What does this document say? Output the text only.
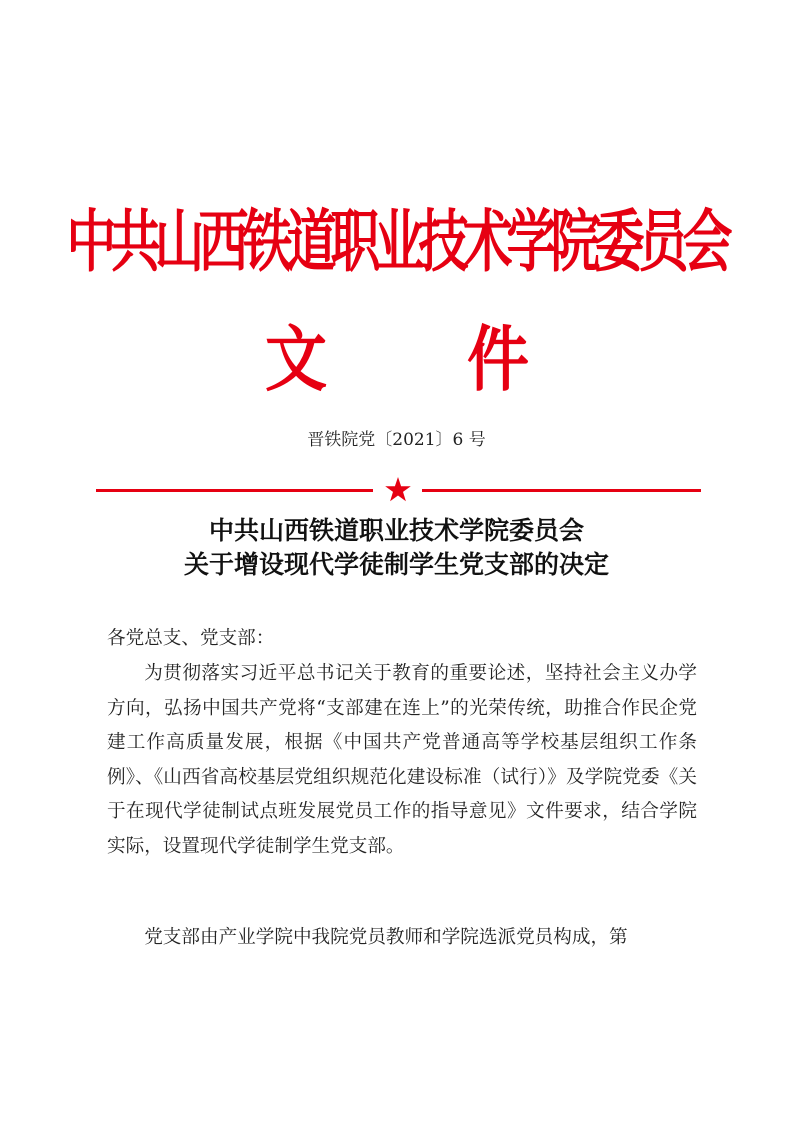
中共山西铁道职业技术学院委员会
文 件
晋铁院党〔2021〕6 号
中共山西铁道职业技术学院委员会
关于增设现代学徒制学生党支部的决定
各党总支、党支部：
为贯彻落实习近平总书记关于教育的重要论述，坚持社会主义办学方向，弘扬中国共产党将“支部建在连上”的光荣传统，助推合作民企党建工作高质量发展，根据《中国共产党普通高等学校基层组织工作条例》、《山西省高校基层党组织规范化建设标准（试行）》及学院党委《关于在现代学徒制试点班发展党员工作的指导意见》文件要求，结合学院实际，设置现代学徒制学生党支部。
党支部由产业学院中我院党员教师和学院选派党员构成，第
